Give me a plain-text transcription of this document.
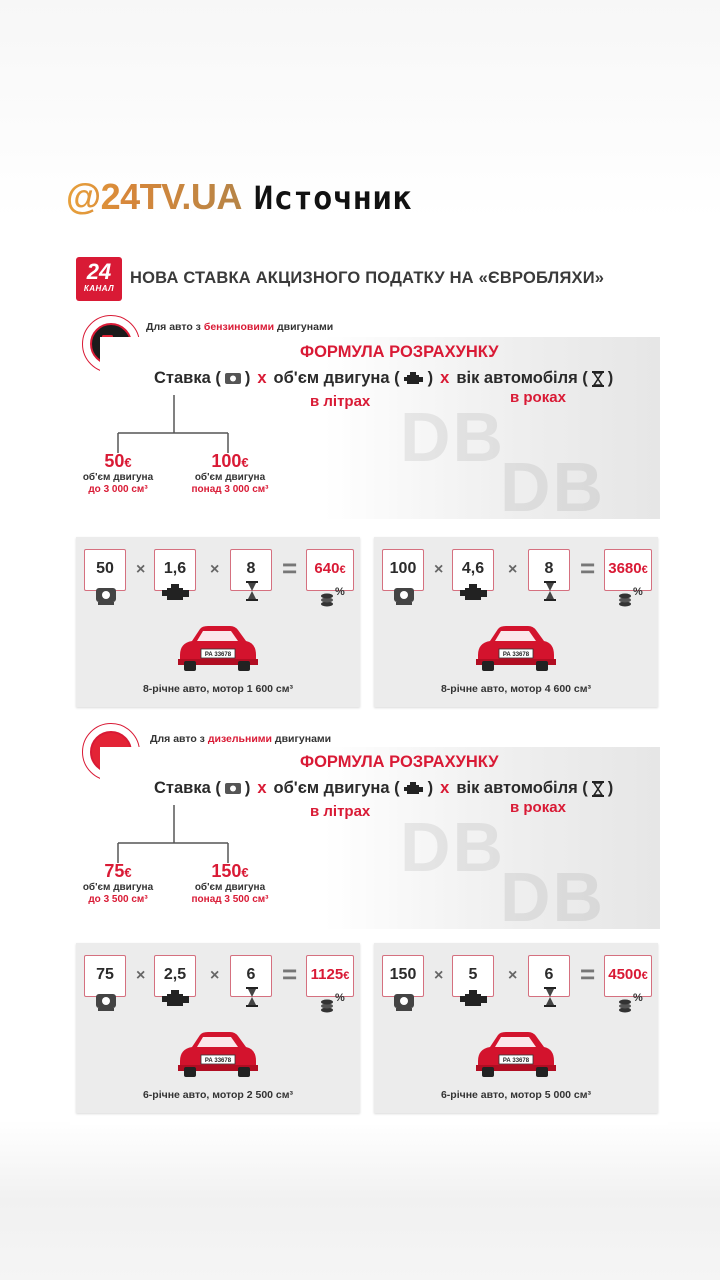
@24TV.UA Источник
24
КАНАЛ
НОВА СТАВКА АКЦИЗНОГО ПОДАТКУ НА «ЄВРОБЛЯХИ»
Для авто з бензиновими двигунами
DB
DB
ФОРМУЛА РОЗРАХУНКУ
Ставка ( ) x об'єм двигуна ( ) x вік автомобіля ( )
в літрах	в роках
50€
об'єм двигуна
до 3 000 см³
100€
об'єм двигуна
понад 3 000 см³
50	×	1,6	×	8	=	640€
%
РА 33678
8-річне авто, мотор 1 600 см³
100	×	4,6	×	8	= 3680€
%
РА 33678
8-річне авто, мотор 4 600 см³
Для авто з дизельними двигунами
DB
DB
ФОРМУЛА РОЗРАХУНКУ
Ставка ( ) x об'єм двигуна ( ) x вік автомобіля ( )
в літрах	в роках
75€
об'єм двигуна
до 3 500 см³
150€
об'єм двигуна
понад 3 500 см³
75	×	2,5	×	6	= 1125€
%
РА 33678
6-річне авто, мотор 2 500 см³
150	×	5	×	6	= 4500€
%
РА 33678
6-річне авто, мотор 5 000 см³
